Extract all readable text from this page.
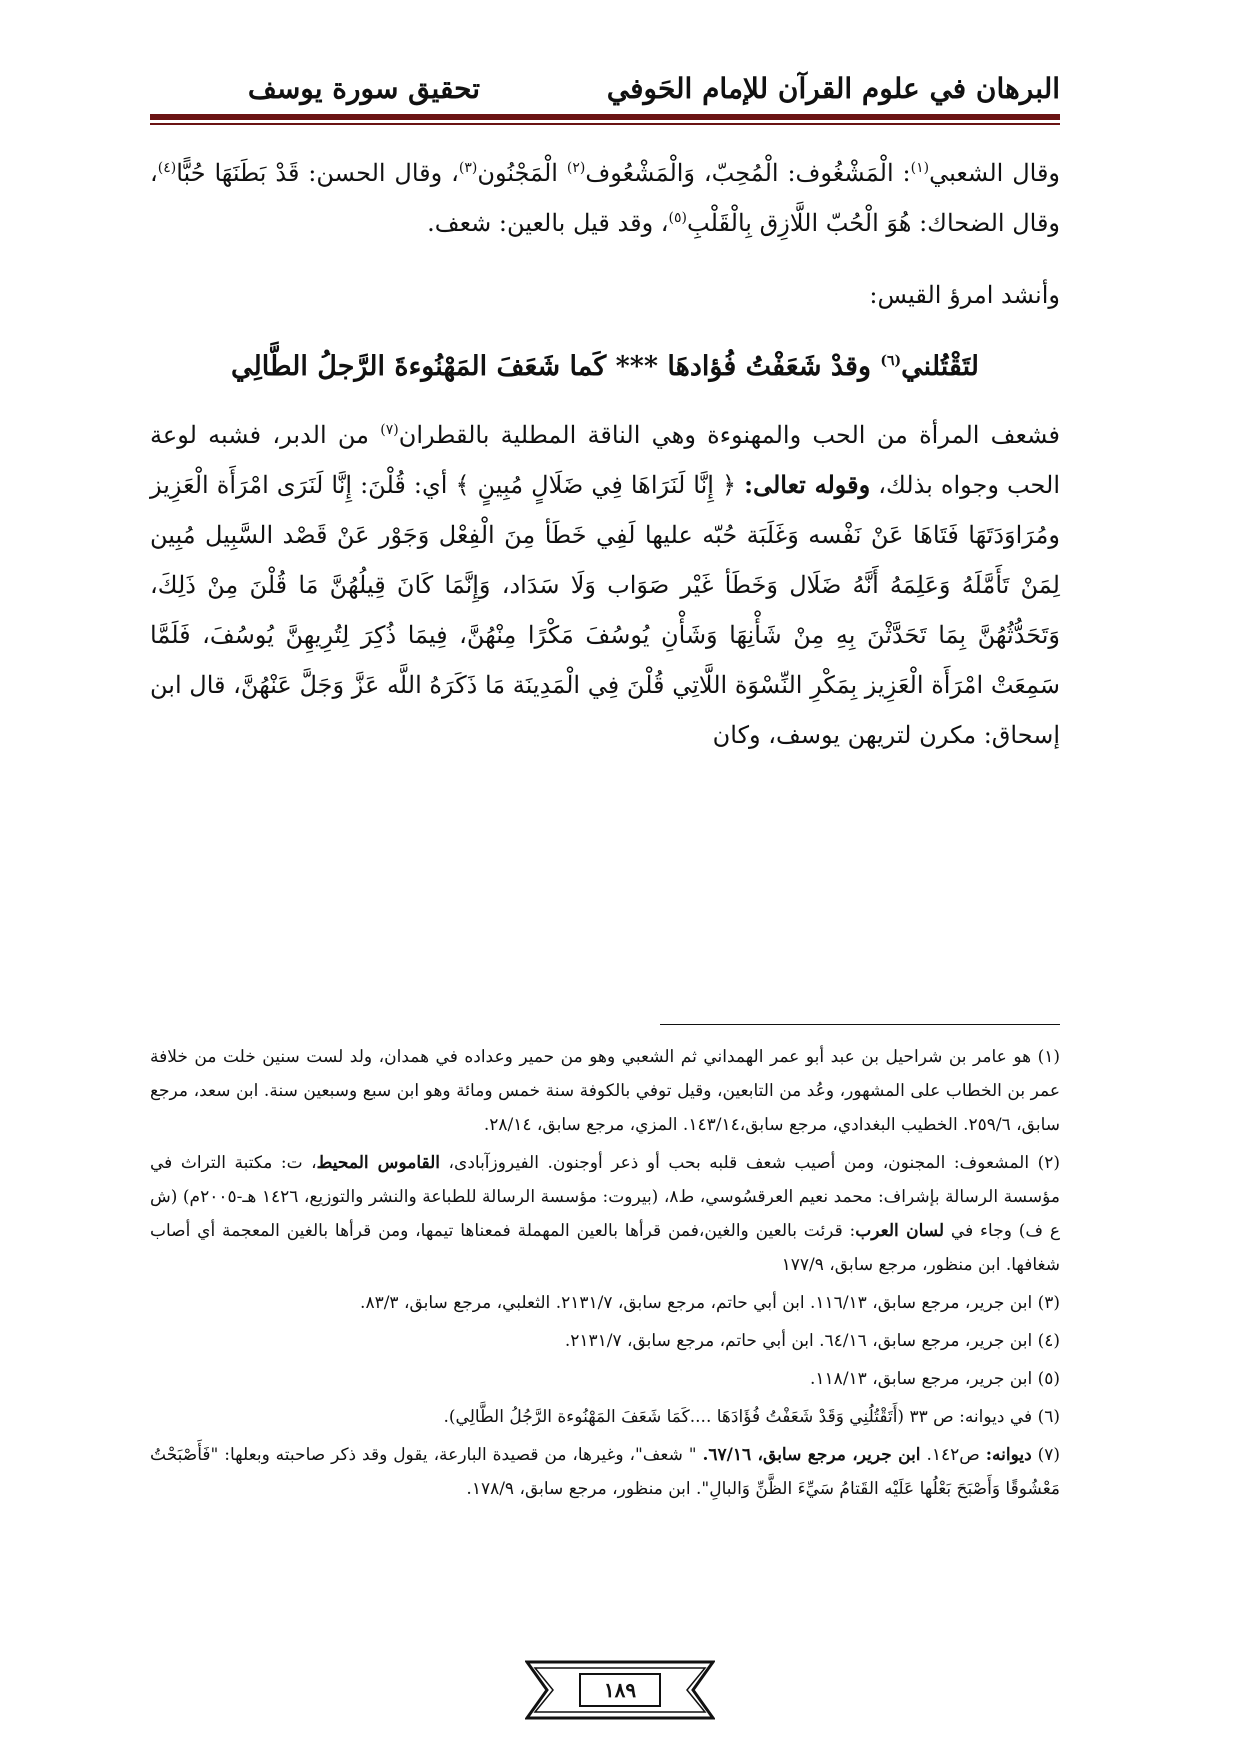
البرهان في علوم القرآن للإمام الحَوفي
تحقيق سورة يوسف

وقال الشعبي$^{(١)}$: الْمَشْغُوف: الْمُحِبّ، وَالْمَشْعُوف$^{(٢)}$ الْمَجْنُون$^{(٣)}$، وقال الحسن: قَدْ بَطَنَهَا حُبًّا$^{(٤)}$، وقال الضحاك: هُوَ الْحُبّ اللَّازِق بِالْقَلْبِ$^{(٥)}$، وقد قيل بالعين: شعف.

وأنشد امرؤ القيس:

لتَقْتُلني$^{(٦)}$ وقدْ شَعَفْتُ فُؤادهَا *** كَما شَعَفَ المَهْنُوءةَ الرَّجلُ الطَّالِي

فشعف المرأة من الحب والمهنوءة وهي الناقة المطلية بالقطران$^{(٧)}$ من الدبر، فشبه لوعة الحب وجواه بذلك، وقوله تعالى: ﴿ إِنَّا لَنَرَاهَا فِي ضَلَالٍ مُبِينٍ ﴾ أي: قُلْنَ: إِنَّا لَنَرَى امْرَأَة الْعَزِيز ومُرَاوَدَتَهَا فَتَاهَا عَنْ نَفْسه وَغَلَبَة حُبّه عليها لَفِي خَطَأ مِنَ الْفِعْل وَجَوْر عَنْ قَصْد السَّبِيل مُبِين لِمَنْ تَأَمَّلَهُ وَعَلِمَهُ أَنَّهُ ضَلَال وَخَطَأ غَيْر صَوَاب وَلَا سَدَاد، وَإِنَّمَا كَانَ قِيلُهُنَّ مَا قُلْنَ مِنْ ذَلِكَ، وَتَحَدُّثُهُنَّ بِمَا تَحَدَّثْنَ بِهِ مِنْ شَأْنِهَا وَشَأْنِ يُوسُفَ مَكْرًا مِنْهُنَّ، فِيمَا ذُكِرَ لِتُرِيهِنَّ يُوسُفَ، فَلَمَّا سَمِعَتْ امْرَأَة الْعَزِيز بِمَكْرِ النِّسْوَة اللَّاتِي قُلْنَ فِي الْمَدِينَة مَا ذَكَرَهُ اللَّه عَزَّ وَجَلَّ عَنْهُنَّ، قال ابن إسحاق: مكرن لتريهن يوسف، وكان

(١) هو عامر بن شراحيل بن عبد أبو عمر الهمداني ثم الشعبي وهو من حمير وعداده في همدان، ولد لست سنين خلت من خلافة عمر بن الخطاب على المشهور، وعُد من التابعين، وقيل توفي بالكوفة سنة خمس ومائة وهو ابن سبع وسبعين سنة. ابن سعد، مرجع سابق، ٢٥٩/٦. الخطيب البغدادي، مرجع سابق،١٤٣/١٤. المزي، مرجع سابق، ٢٨/١٤.

(٢) المشعوف: المجنون، ومن أصيب شعف قلبه بحب أو ذعر أوجنون. الفيروزآبادى، القاموس المحيط، ت: مكتبة التراث في مؤسسة الرسالة بإشراف: محمد نعيم العرقسُوسي، ط٨، (بيروت: مؤسسة الرسالة للطباعة والنشر والتوزيع، ١٤٢٦ هـ-٢٠٠٥م) (ش ع ف) وجاء في لسان العرب: قرئت بالعين والغين،فمن قرأها بالعين المهملة فمعناها تيمها، ومن قرأها بالغين المعجمة أي أصاب شغافها. ابن منظور، مرجع سابق، ١٧٧/٩

(٣) ابن جرير، مرجع سابق، ١١٦/١٣. ابن أبي حاتم، مرجع سابق، ٢١٣١/٧. الثعلبي، مرجع سابق، ٨٣/٣.

(٤) ابن جرير، مرجع سابق، ٦٤/١٦. ابن أبي حاتم، مرجع سابق، ٢١٣١/٧.

(٥) ابن جرير، مرجع سابق، ١١٨/١٣.

(٦) في ديوانه: ص ٣٣ (أَتَقْتُلُنِي وَقَدْ شَعَفْتُ فُؤَادَهَا ....كَمَا شَعَفَ المَهْنُوءة الرَّجُلُ الطَّالِي).

(٧) ديوانه: ص١٤٢. ابن جرير، مرجع سابق، ٦٧/١٦. " شعف"، وغيرها، من قصيدة البارعة، يقول وقد ذكر صاحبته وبعلها: "فَأَصْبَحْتُ مَعْشُوقًا وَأَصْبَحَ بَعْلُها عَلَيْه القَتامُ سَيِّءَ الظَّنِّ وَالبالِ". ابن منظور، مرجع سابق، ١٧٨/٩.

١٨٩
